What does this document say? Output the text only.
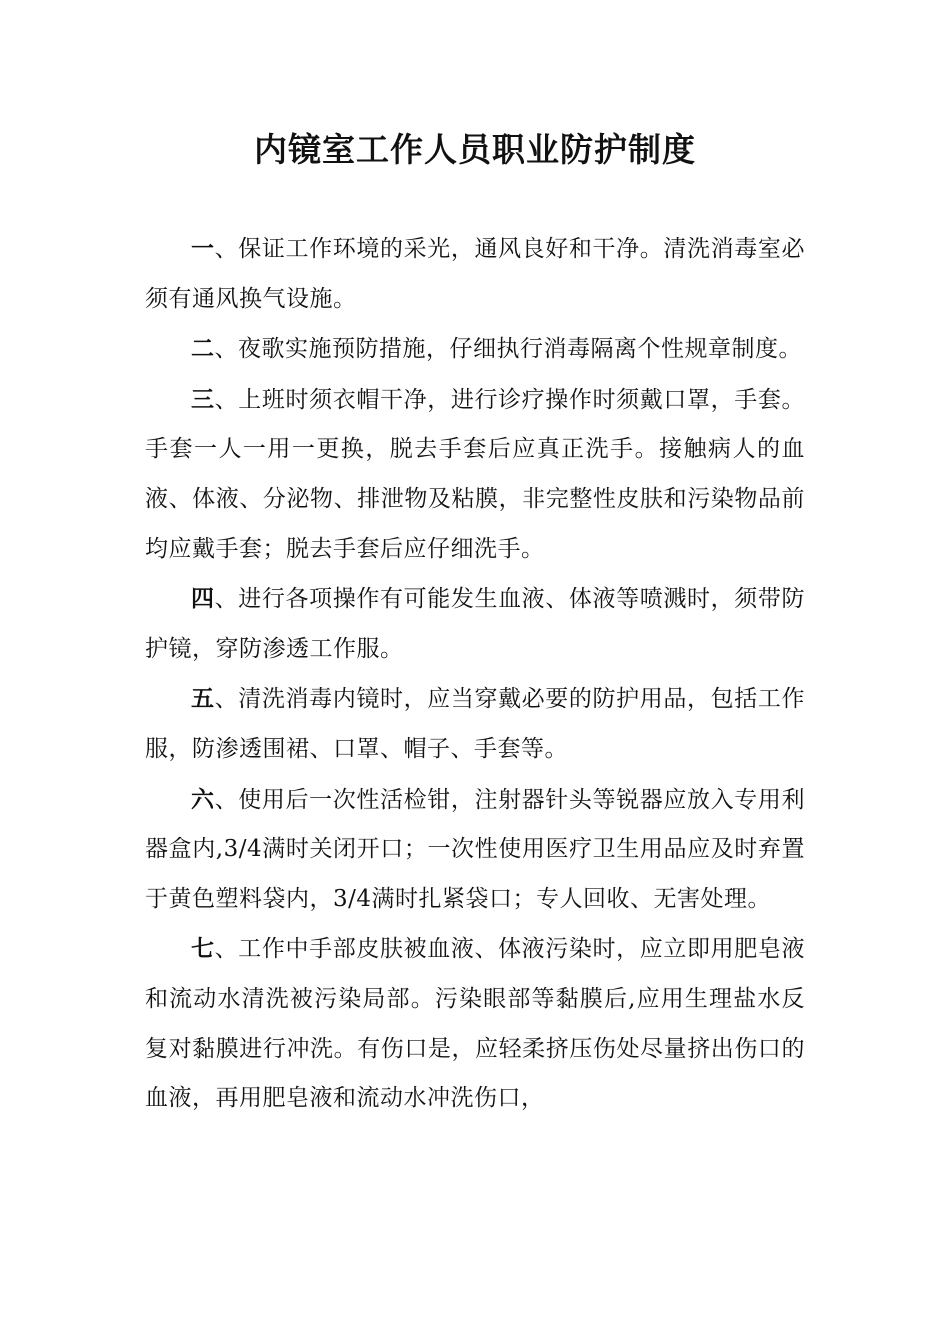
内镜室工作人员职业防护制度

一、保证工作环境的采光，通风良好和干净。清洗消毒室必须有通风换气设施。

二、夜歌实施预防措施，仔细执行消毒隔离个性规章制度。

三、上班时须衣帽干净，进行诊疗操作时须戴口罩，手套。手套一人一用一更换，脱去手套后应真正洗手。接触病人的血液、体液、分泌物、排泄物及粘膜，非完整性皮肤和污染物品前均应戴手套；脱去手套后应仔细洗手。

四、进行各项操作有可能发生血液、体液等喷溅时，须带防护镜，穿防渗透工作服。

五、清洗消毒内镜时，应当穿戴必要的防护用品，包括工作服，防渗透围裙、口罩、帽子、手套等。

六、使用后一次性活检钳，注射器针头等锐器应放入专用利器盒内,3/4满时关闭开口；一次性使用医疗卫生用品应及时弃置于黄色塑料袋内，3/4满时扎紧袋口；专人回收、无害处理。

七、工作中手部皮肤被血液、体液污染时，应立即用肥皂液和流动水清洗被污染局部。污染眼部等黏膜后,应用生理盐水反复对黏膜进行冲洗。有伤口是，应轻柔挤压伤处尽量挤出伤口的血液，再用肥皂液和流动水冲洗伤口，
